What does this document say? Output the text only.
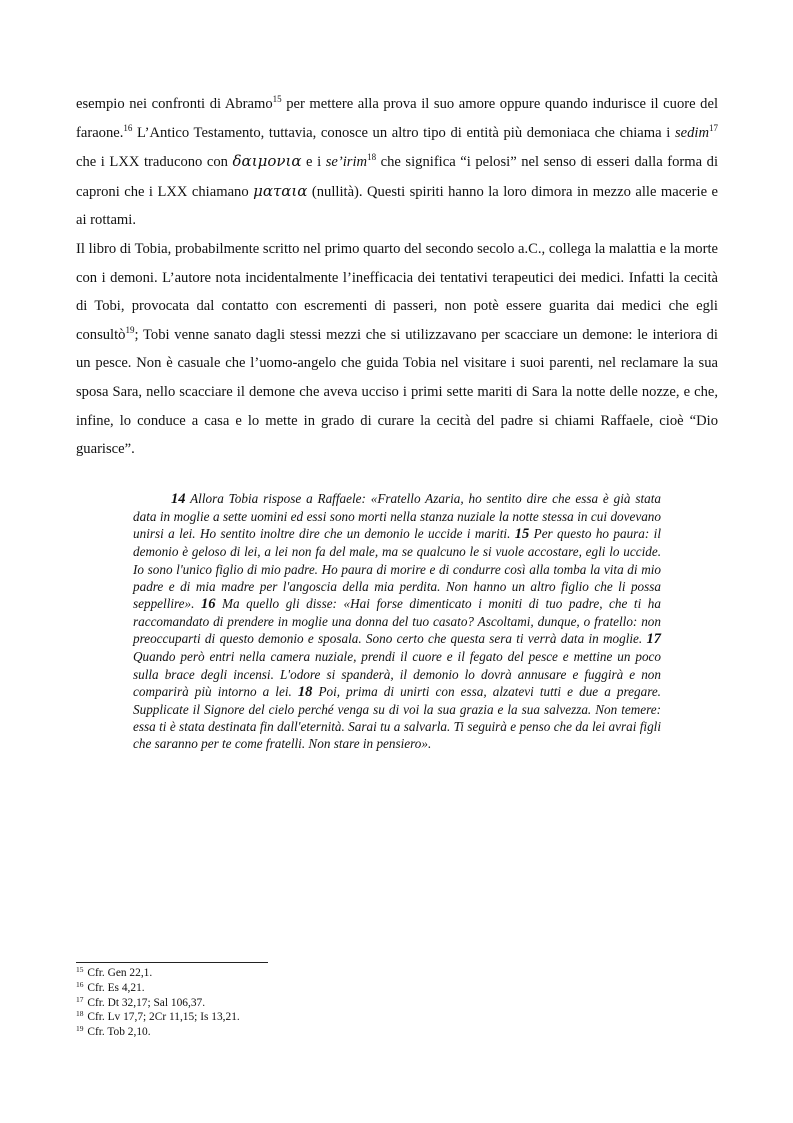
esempio nei confronti di Abramo$^{15}$ per mettere alla prova il suo amore oppure quando indurisce il cuore del faraone.$^{16}$ L’Antico Testamento, tuttavia, conosce un altro tipo di entità più demoniaca che chiama i sedim$^{17}$ che i LXX traducono con δαιμονια e i se’irim$^{18}$ che significa “i pelosi” nel senso di esseri dalla forma di caproni che i LXX chiamano ματαια (nullità). Questi spiriti hanno la loro dimora in mezzo alle macerie e ai rottami.

Il libro di Tobia, probabilmente scritto nel primo quarto del secondo secolo a.C., collega la malattia e la morte con i demoni. L’autore nota incidentalmente l’inefficacia dei tentativi terapeutici dei medici. Infatti la cecità di Tobi, provocata dal contatto con escrementi di passeri, non potè essere guarita dai medici che egli consultò$^{19}$; Tobi venne sanato dagli stessi mezzi che si utilizzavano per scacciare un demone: le interiora di un pesce. Non è casuale che l’uomo-angelo che guida Tobia nel visitare i suoi parenti, nel reclamare la sua sposa Sara, nello scacciare il demone che aveva ucciso i primi sette mariti di Sara la notte delle nozze, e che, infine, lo conduce a casa e lo mette in grado di curare la cecità del padre si chiami Raffaele, cioè “Dio guarisce”.

14 Allora Tobia rispose a Raffaele: «Fratello Azaria, ho sentito dire che essa è già stata data in moglie a sette uomini ed essi sono morti nella stanza nuziale la notte stessa in cui dovevano unirsi a lei. Ho sentito inoltre dire che un demonio le uccide i mariti. 15 Per questo ho paura: il demonio è geloso di lei, a lei non fa del male, ma se qualcuno le si vuole accostare, egli lo uccide. Io sono l'unico figlio di mio padre. Ho paura di morire e di condurre così alla tomba la vita di mio padre e di mia madre per l'angoscia della mia perdita. Non hanno un altro figlio che li possa seppellire». 16 Ma quello gli disse: «Hai forse dimenticato i moniti di tuo padre, che ti ha raccomandato di prendere in moglie una donna del tuo casato? Ascoltami, dunque, o fratello: non preoccuparti di questo demonio e sposala. Sono certo che questa sera ti verrà data in moglie. 17 Quando però entri nella camera nuziale, prendi il cuore e il fegato del pesce e mettine un poco sulla brace degli incensi. L'odore si spanderà, il demonio lo dovrà annusare e fuggirà e non comparirà più intorno a lei. 18 Poi, prima di unirti con essa, alzatevi tutti e due a pregare. Supplicate il Signore del cielo perché venga su di voi la sua grazia e la sua salvezza. Non temere: essa ti è stata destinata fin dall'eternità. Sarai tu a salvarla. Ti seguirà e penso che da lei avrai figli che saranno per te come fratelli. Non stare in pensiero».

$^{15}$ Cfr. Gen 22,1.
$^{16}$ Cfr. Es 4,21.
$^{17}$ Cfr. Dt 32,17; Sal 106,37.
$^{18}$ Cfr. Lv 17,7; 2Cr 11,15; Is 13,21.
$^{19}$ Cfr. Tob 2,10.
